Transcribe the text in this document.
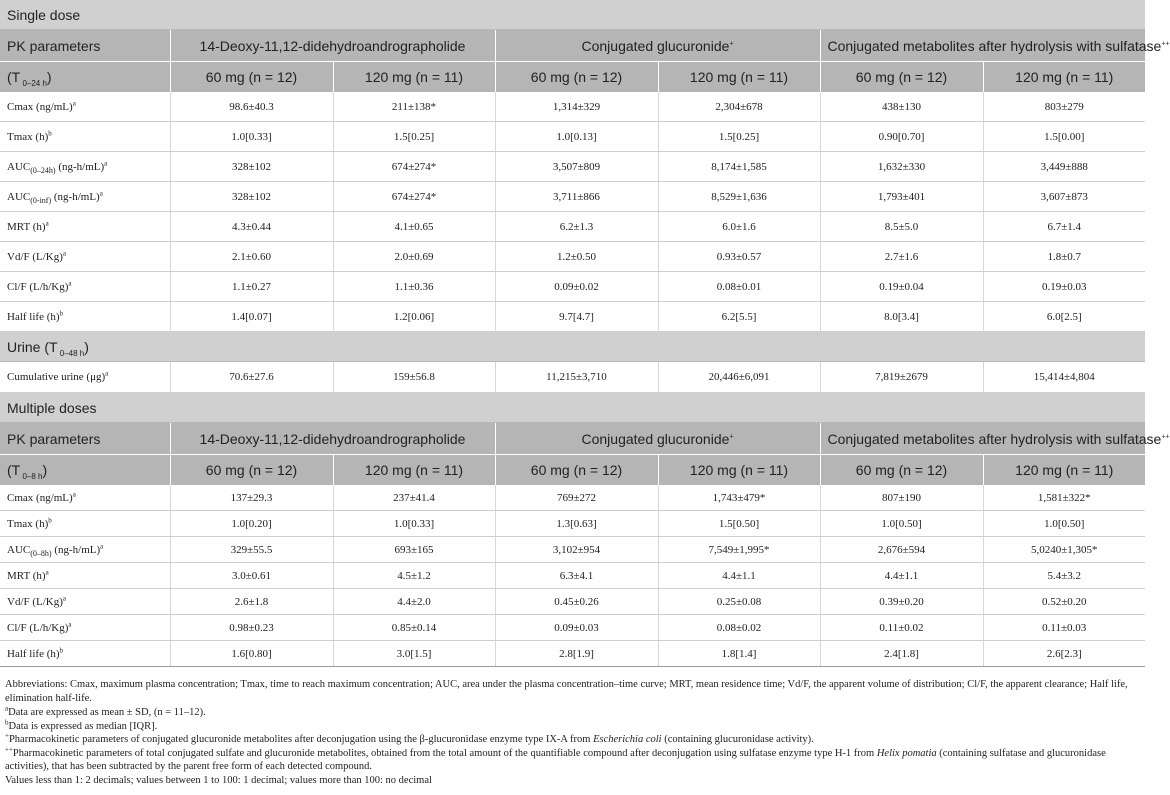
Single dose						
PK parameters	14-Deoxy-11,12-didehydroandrographolide		Conjugated glucuronide+		Conjugated metabolites after hydrolysis with sulfatase++
(T $_{0-24 h}$)	60 mg (n = 12)	120 mg (n = 11)	60 mg (n = 12)	120 mg (n = 11)	60 mg (n = 12)	120 mg (n = 11)
Cmax $(ng/mL)^a$	98.6±40.3	211±138*	1,314±329	2,304±678	438±130	803±279
Tmax $(h)^b$	1.0[0.33]	1.5[0.25]	1.0[0.13]	1.5[0.25]	0.90[0.70]	1.5[0.00]
$AUC_{(0-24h)}$ $(ng-h/mL)^a$	328±102	674±274*	3,507±809	8,174±1,585	1,632±330	3,449±888
$AUC_{(0-inf)}$ $(ng-h/mL)^a$	328±102	674±274*	3,711±866	8,529±1,636	1,793±401	3,607±873
MRT $(h)^a$	4.3±0.44	4.1±0.65	6.2±1.3	6.0±1.6	8.5±5.0	6.7±1.4
Vd/F $(L/Kg)^a$	2.1±0.60	2.0±0.69	1.2±0.50	0.93±0.57	2.7±1.6	1.8±0.7
Cl/F $(L/h/Kg)^a$	1.1±0.27	1.1±0.36	0.09±0.02	0.08±0.01	0.19±0.04	0.19±0.03
Half life $(h)^b$	1.4[0.07]	1.2[0.06]	9.7[4.7]	6.2[5.5]	8.0[3.4]	6.0[2.5]
Urine (T $_{0-48 h}$)						
Cumulative urine $(\mu g)^a$	70.6±27.6	159±56.8	11,215±3,710	20,446±6,091	7,819±2679	15,414±4,804
Multiple doses						
PK parameters	14-Deoxy-11,12-didehydroandrographolide		Conjugated glucuronide+		Conjugated metabolites after hydrolysis with sulfatase++
(T $_{0-8 h}$)	60 mg (n = 12)	120 mg (n = 11)	60 mg (n = 12)	120 mg (n = 11)	60 mg (n = 12)	120 mg (n = 11)
Cmax $(ng/mL)^a$	137±29.3	237±41.4	769±272	1,743±479*	807±190	1,581±322*
Tmax $(h)^b$	1.0[0.20]	1.0[0.33]	1.3[0.63]	1.5[0.50]	1.0[0.50]	1.0[0.50]
$AUC_{(0-8h)}$ $(ng-h/mL)^a$	329±55.5	693±165	3,102±954	7,549±1,995*	2,676±594	5,0240±1,305*
MRT $(h)^a$	3.0±0.61	4.5±1.2	6.3±4.1	4.4±1.1	4.4±1.1	5.4±3.2
Vd/F $(L/Kg)^a$	2.6±1.8	4.4±2.0	0.45±0.26	0.25±0.08	0.39±0.20	0.52±0.20
Cl/F $(L/h/Kg)^a$	0.98±0.23	0.85±0.14	0.09±0.03	0.08±0.02	0.11±0.02	0.11±0.03
Half life $(h)^b$	1.6[0.80]	3.0[1.5]	2.8[1.9]	1.8[1.4]	2.4[1.8]	2.6[2.3]

Abbreviations: Cmax, maximum plasma concentration; Tmax, time to reach maximum concentration; AUC, area under the plasma concentration–time curve; MRT, mean residence time; Vd/F, the apparent volume of distribution; Cl/F, the apparent clearance; Half life, elimination half-life.

$^a$Data are expressed as mean ± SD, (n = 11–12).

$^b$Data is expressed as median [IQR].

+Pharmacokinetic parameters of conjugated glucuronide metabolites after deconjugation using the β-glucuronidase enzyme type IX-A from Escherichia coli (containing glucuronidase activity).

++Pharmacokinetic parameters of total conjugated sulfate and glucuronide metabolites, obtained from the total amount of the quantifiable compound after deconjugation using sulfatase enzyme type H-1 from Helix pomatia (containing sulfatase and glucuronidase activities), that has been subtracted by the parent free form of each detected compound.

Values less than 1: 2 decimals; values between 1 to 100: 1 decimal; values more than 100: no decimal
